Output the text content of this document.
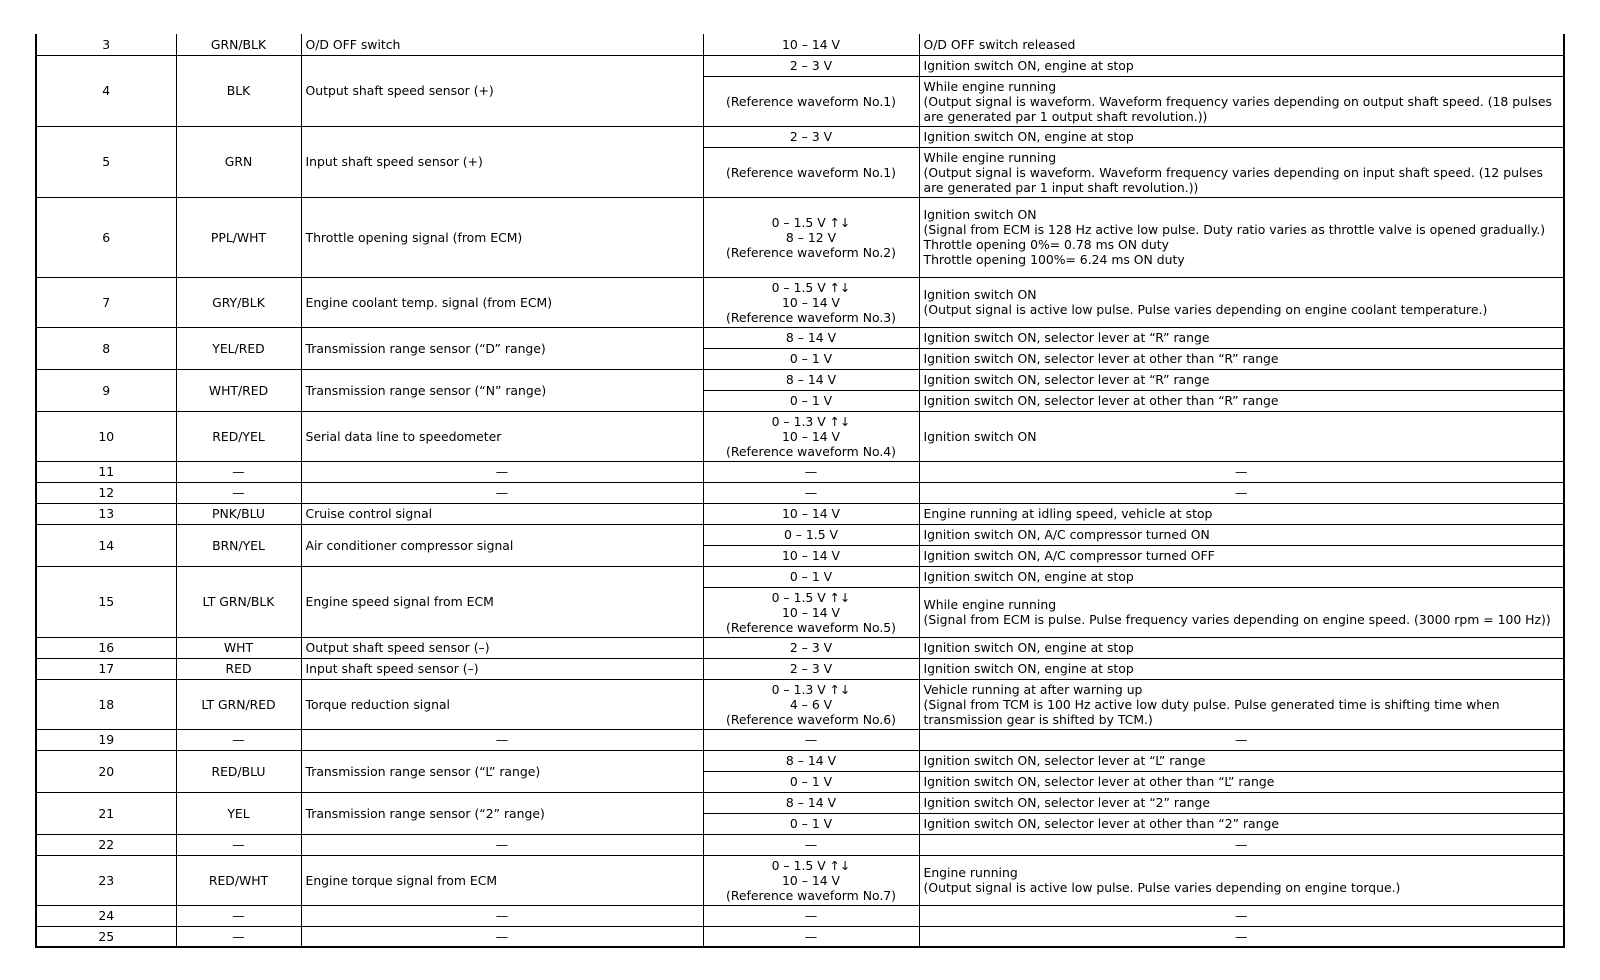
3	GRN/BLK	O/D OFF switch	10 – 14 V	O/D OFF switch released

4	BLK	Output shaft speed sensor (+)	2 – 3 V	Ignition switch ON, engine at stop

			(Reference waveform No.1)	While engine running
(Output signal is waveform. Waveform frequency varies depending on output shaft speed. (18 pulses are generated par 1 output shaft revolution.))

5	GRN	Input shaft speed sensor (+)	2 – 3 V	Ignition switch ON, engine at stop

			(Reference waveform No.1)	While engine running
(Output signal is waveform. Waveform frequency varies depending on input shaft speed. (12 pulses are generated par 1 input shaft revolution.))

6	PPL/WHT	Throttle opening signal (from ECM)	0 – 1.5 V ↑↓
8 – 12 V
(Reference waveform No.2)	Ignition switch ON
(Signal from ECM is 128 Hz active low pulse. Duty ratio varies as throttle valve is opened gradually.)
Throttle opening 0%= 0.78 ms ON duty
Throttle opening 100%= 6.24 ms ON duty

7	GRY/BLK	Engine coolant temp. signal (from ECM)	0 – 1.5 V ↑↓
10 – 14 V
(Reference waveform No.3)	Ignition switch ON
(Output signal is active low pulse. Pulse varies depending on engine coolant temperature.)

8	YEL/RED	Transmission range sensor (“D” range)	8 – 14 V	Ignition switch ON, selector lever at “R” range

			0 – 1 V	Ignition switch ON, selector lever at other than “R” range

9	WHT/RED	Transmission range sensor (“N” range)	8 – 14 V	Ignition switch ON, selector lever at “R” range

			0 – 1 V	Ignition switch ON, selector lever at other than “R” range

10	RED/YEL	Serial data line to speedometer	0 – 1.3 V ↑↓
10 – 14 V
(Reference waveform No.4)	Ignition switch ON

11	—	—	—	—

12	—	—	—	—

13	PNK/BLU	Cruise control signal	10 – 14 V	Engine running at idling speed, vehicle at stop

14	BRN/YEL	Air conditioner compressor signal	0 – 1.5 V	Ignition switch ON, A/C compressor turned ON

			10 – 14 V	Ignition switch ON, A/C compressor turned OFF

15	LT GRN/BLK	Engine speed signal from ECM	0 – 1 V	Ignition switch ON, engine at stop

			0 – 1.5 V ↑↓
10 – 14 V
(Reference waveform No.5)	While engine running
(Signal from ECM is pulse. Pulse frequency varies depending on engine speed. (3000 rpm = 100 Hz))

16	WHT	Output shaft speed sensor (–)	2 – 3 V	Ignition switch ON, engine at stop

17	RED	Input shaft speed sensor (–)	2 – 3 V	Ignition switch ON, engine at stop

18	LT GRN/RED	Torque reduction signal	0 – 1.3 V ↑↓
4 – 6 V
(Reference waveform No.6)	Vehicle running at after warning up
(Signal from TCM is 100 Hz active low duty pulse. Pulse generated time is shifting time when transmission gear is shifted by TCM.)

19	—	—	—	—

20	RED/BLU	Transmission range sensor (“L” range)	8 – 14 V	Ignition switch ON, selector lever at “L” range

			0 – 1 V	Ignition switch ON, selector lever at other than “L” range

21	YEL	Transmission range sensor (“2” range)	8 – 14 V	Ignition switch ON, selector lever at “2” range

			0 – 1 V	Ignition switch ON, selector lever at other than “2” range

22	—	—	—	—

23	RED/WHT	Engine torque signal from ECM	0 – 1.5 V ↑↓
10 – 14 V
(Reference waveform No.7)	Engine running
(Output signal is active low pulse. Pulse varies depending on engine torque.)

24	—	—	—	—

25	—	—	—	—
